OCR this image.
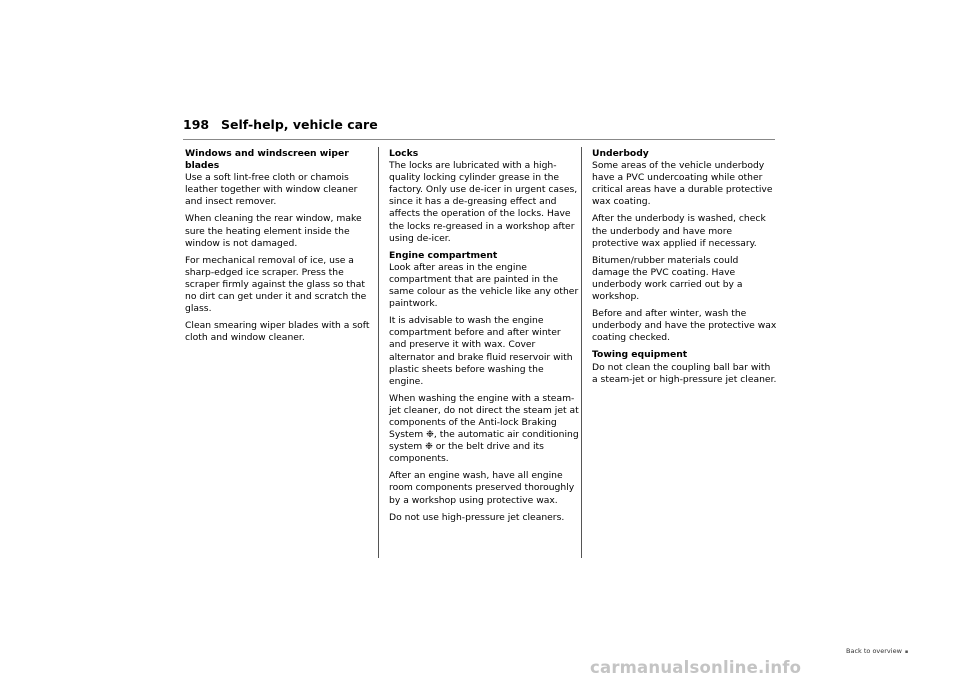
198 Self-help, vehicle care
Windows and windscreen wiper blades

Use a soft lint-free cloth or chamois leather together with window cleaner and insect remover.

When cleaning the rear window, make sure the heating element inside the window is not damaged.

For mechanical removal of ice, use a sharp-edged ice scraper. Press the scraper firmly against the glass so that no dirt can get under it and scratch the glass.

Clean smearing wiper blades with a soft cloth and window cleaner.

Locks

The locks are lubricated with a high-quality locking cylinder grease in the factory. Only use de-icer in urgent cases, since it has a de-greasing effect and affects the operation of the locks. Have the locks re-greased in a workshop after using de-icer.

Engine compartment

Look after areas in the engine compartment that are painted in the same colour as the vehicle like any other paintwork.

It is advisable to wash the engine compartment before and after winter and preserve it with wax. Cover alternator and brake fluid reservoir with plastic sheets before washing the engine.

When washing the engine with a steam-jet cleaner, do not direct the steam jet at components of the Anti-lock Braking System ❉, the automatic air conditioning system ❉ or the belt drive and its components.

After an engine wash, have all engine room components preserved thoroughly by a workshop using protective wax.

Do not use high-pressure jet cleaners.

Underbody

Some areas of the vehicle underbody have a PVC undercoating while other critical areas have a durable protective wax coating.

After the underbody is washed, check the underbody and have more protective wax applied if necessary.

Bitumen/rubber materials could damage the PVC coating. Have underbody work carried out by a workshop.

Before and after winter, wash the underbody and have the protective wax coating checked.

Towing equipment

Do not clean the coupling ball bar with a steam-jet or high-pressure jet cleaner.

Back to overview ▪
carmanualsonline.info
